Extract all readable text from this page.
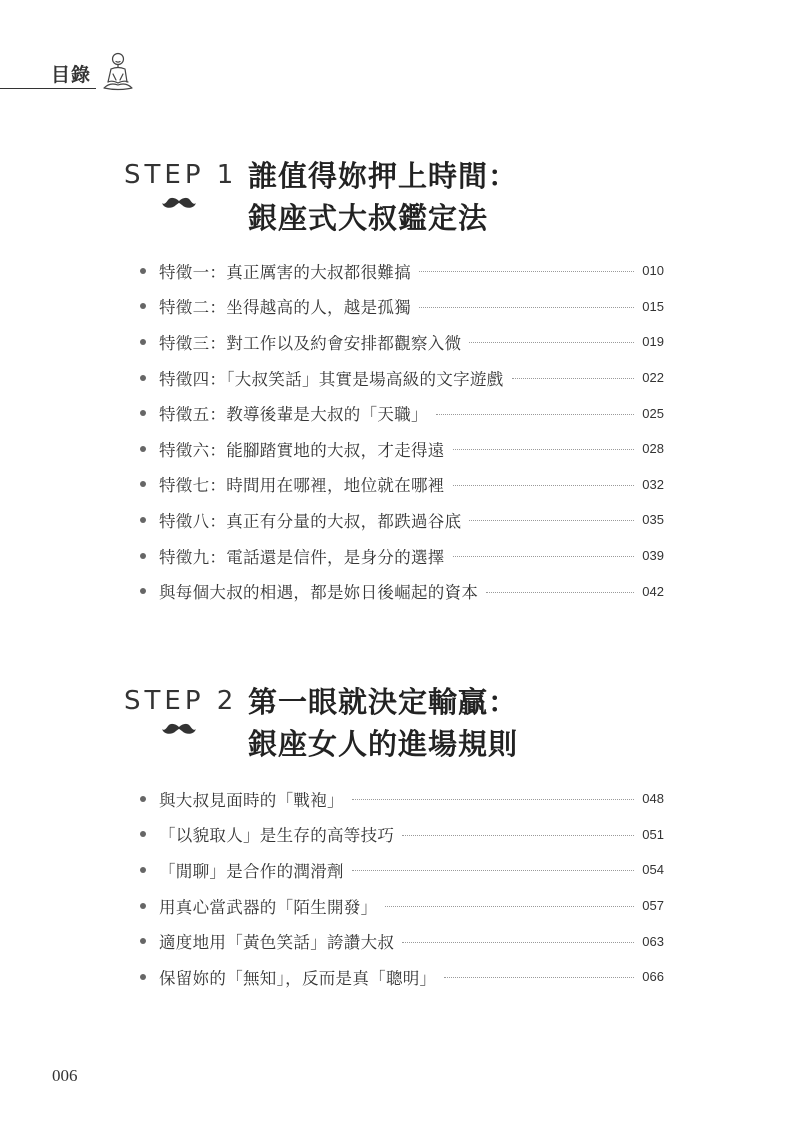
目錄
STEP 1 誰值得妳押上時間：
銀座式大叔鑑定法
特徵一：真正厲害的大叔都很難搞	010
特徵二：坐得越高的人，越是孤獨	015
特徵三：對工作以及約會安排都觀察入微	019
特徵四：「大叔笑話」其實是場高級的文字遊戲	022
特徵五：教導後輩是大叔的「天職」	025
特徵六：能腳踏實地的大叔，才走得遠	028
特徵七：時間用在哪裡，地位就在哪裡	032
特徵八：真正有分量的大叔，都跌過谷底	035
特徵九：電話還是信件，是身分的選擇	039
與每個大叔的相遇，都是妳日後崛起的資本	042
STEP 2 第一眼就決定輸贏：
銀座女人的進場規則
與大叔見面時的「戰袍」	048
「以貌取人」是生存的高等技巧	051
「閒聊」是合作的潤滑劑	054
用真心當武器的「陌生開發」	057
適度地用「黃色笑話」誇讚大叔	063
保留妳的「無知」，反而是真「聰明」	066
006
